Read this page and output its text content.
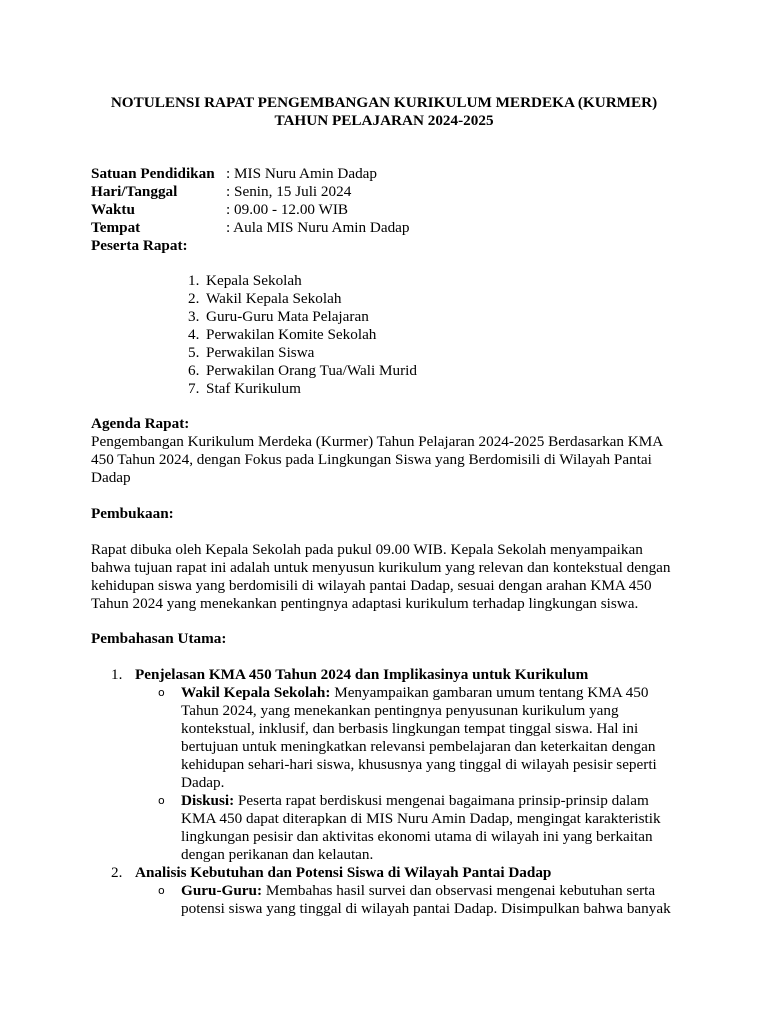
NOTULENSI RAPAT PENGEMBANGAN KURIKULUM MERDEKA (KURMER)
TAHUN PELAJARAN 2024-2025
Satuan Pendidikan : MIS Nuru Amin Dadap
Hari/Tanggal	: Senin, 15 Juli 2024
Waktu	: 09.00 - 12.00 WIB
Tempat	: Aula MIS Nuru Amin Dadap
Peserta Rapat:
1. Kepala Sekolah
2. Wakil Kepala Sekolah
3. Guru-Guru Mata Pelajaran
4. Perwakilan Komite Sekolah
5. Perwakilan Siswa
6. Perwakilan Orang Tua/Wali Murid
7. Staf Kurikulum
Agenda Rapat:
Pengembangan Kurikulum Merdeka (Kurmer) Tahun Pelajaran 2024-2025 Berdasarkan KMA
450 Tahun 2024, dengan Fokus pada Lingkungan Siswa yang Berdomisili di Wilayah Pantai
Dadap
Pembukaan:
Rapat dibuka oleh Kepala Sekolah pada pukul 09.00 WIB. Kepala Sekolah menyampaikan
bahwa tujuan rapat ini adalah untuk menyusun kurikulum yang relevan dan kontekstual dengan
kehidupan siswa yang berdomisili di wilayah pantai Dadap, sesuai dengan arahan KMA 450
Tahun 2024 yang menekankan pentingnya adaptasi kurikulum terhadap lingkungan siswa.
Pembahasan Utama:
1. Penjelasan KMA 450 Tahun 2024 dan Implikasinya untuk Kurikulum
o Wakil Kepala Sekolah: Menyampaikan gambaran umum tentang KMA 450
Tahun 2024, yang menekankan pentingnya penyusunan kurikulum yang
kontekstual, inklusif, dan berbasis lingkungan tempat tinggal siswa. Hal ini
bertujuan untuk meningkatkan relevansi pembelajaran dan keterkaitan dengan
kehidupan sehari-hari siswa, khususnya yang tinggal di wilayah pesisir seperti
Dadap.
o Diskusi: Peserta rapat berdiskusi mengenai bagaimana prinsip-prinsip dalam
KMA 450 dapat diterapkan di MIS Nuru Amin Dadap, mengingat karakteristik
lingkungan pesisir dan aktivitas ekonomi utama di wilayah ini yang berkaitan
dengan perikanan dan kelautan.
2. Analisis Kebutuhan dan Potensi Siswa di Wilayah Pantai Dadap
o Guru-Guru: Membahas hasil survei dan observasi mengenai kebutuhan serta
potensi siswa yang tinggal di wilayah pantai Dadap. Disimpulkan bahwa banyak
